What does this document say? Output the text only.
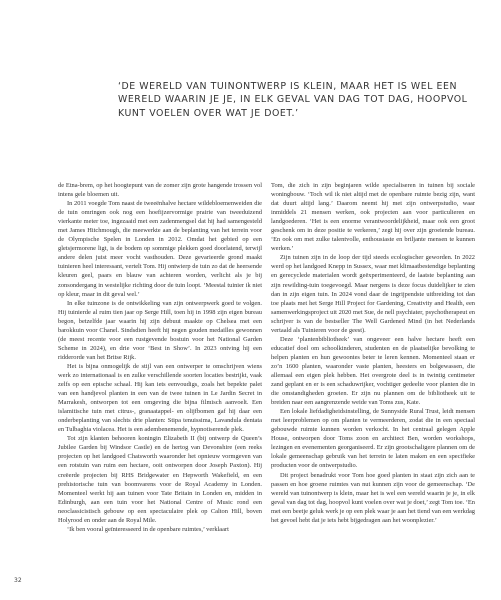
‘DE WERELD VAN TUINONTWERP IS KLEIN, MAAR HET IS WEL EEN WERELD WAARIN JE JE, IN ELK GEVAL VAN DAG TOT DAG, HOOPVOL KUNT VOELEN OVER WAT JE DOET.’

de Etna-brem, op het hoogtepunt van de zomer zijn grote hangende trossen vol intens gele bloemen uit.

In 2011 voegde Tom naast de tweeënhalve hectare wildebloemenweiden die de tuin omringen ook nog een hoefijzervormige prairie van tweeduizend vierkante meter toe, ingezaaid met een zadenmengsel dat hij had samengesteld met James Hitchmough, die meewerkte aan de beplanting van het terrein voor de Olympische Spelen in Londen in 2012. Omdat het gebied op een gletsjermorene ligt, is de bodem op sommige plekken goed doorlatend, terwijl andere delen juist meer vocht vasthouden. Deze gevarieerde grond maakt tuinieren heel interessant, vertelt Tom. Hij ontwierp de tuin zo dat de heersende kleuren geel, paars en blauw van achteren worden, verlicht als je bij zonsondergang in westelijke richting door de tuin loopt. ‘Meestal tuinier ik niet op kleur, maar in dit geval wel.’

In elke tuinzone is de ontwikkeling van zijn ontwerpwerk goed te volgen. Hij tuinierde al ruim tien jaar op Serge Hill, toen hij in 1998 zijn eigen bureau begon, betzelfde jaar waarin hij zijn debuut maakte op Chelsea met een barokkuin voor Chanel. Sindsdien heeft hij negen gouden medailles gewonnen (de meest recente voor een rustgevende bostuin voor het National Garden Scheme in 2024), en drie voor ‘Best in Show’. In 2023 ontving hij een ridderorde van het Britse Rijk.

Het is bijna onmogelijk de stijl van een ontwerper te omschrijven wiens werk zo internationaal is en zulke verschillende soorten locaties bestrijkt, vaak zelfs op een epische schaal. Hij kan iets eenvoudigs, zoals het bepekte palet van een handjevol planten in een van de twee tuinen in Le Jardin Secret in Marrakesh, ontworpen tot een omgeving die bijna filmisch aanvoelt. Een islamitische tuin met citrus-, granaatappel- en olijfbomen gaf hij daar een onderbeplanting van slechts drie planten: Stipa tenuissima, Lavandula dentata en Tulbaghia violacea. Het is een adembenemende, hypnotiserende plek.

Tot zijn klanten behooren koningin Elizabeth II (bij ontwerp de Queen’s Jubilee Garden bij Windsor Castle) en de hertog van Devonshire (een reeks projecten op het landgoed Chatsworth waaronder het opnieuw vormgeven van een rotstuin van ruim een hectare, ooit ontworpen door Joseph Paxton). Hij creëerde projecten bij RHS Bridgewater en Hepworth Wakefield, en een prehistorische tuin van boomvarens voor de Royal Academy in Londen. Momenteel werkt hij aan tuinen voor Tate Britain in Londen en, midden in Edinburgh, aan een tuin voor het National Centre of Music rond een neoclassicistisch gebouw op een spectaculaire plek op Calton Hill, boven Holyrood en onder aan de Royal Mile.

‘Ik ben vooral geïnteresseerd in de openbare ruimtes,’ verklaart

Tom, die zich in zijn beginjaren wilde specialiseren in tuinen bij sociale woningbouw. ‘Toch wil ik niet altijd met de openbare ruimte bezig zijn, want dat duurt altijd lang.’ Daarom neemt hij met zijn ontwerpstudio, waar inmiddels 21 mensen werken, ook projecten aan voor particulieren en landgoederen. ‘Het is een enorme verantwoordelijkheid, maar ook een groot geschenk om in deze positie te verkeren,’ zegt hij over zijn groeiende bureau. ‘En ook om met zulke talentvolle, enthousiaste en briljante mensen te kunnen werken.’

Zijn tuinen zijn in de loop der tijd steeds ecologischer geworden. In 2022 werd op het landgoed Knepp in Sussex, waar met klimaatbestendige beplanting en gerecyclede materialen wordt geëxperimenteerd, de laatste beplanting aan zijn rewilding-tuin toegevoegd. Maar nergens is deze focus duidelijker te zien dan in zijn eigen tuin. In 2024 vond daar de ingrijpendste uitbreiding tot dan toe plaats met het Serge Hill Project for Gardening, Creativity and Health, een samenwerkingsproject uit 2020 met Sue, de nell psychiater, psychotherapeut en schrijver is van de bestseller The Well Gardened Mind (in het Nederlands vertaald als Tuinieren voor de geest).

Deze ‘plantenbibliotheek’ van ongeveer een halve hectare heeft een educatief doel om schoolkinderen, studenten en de plaatselijke bevolking te helpen planten en hun gewoontes beter te leren kennen. Momenteel staan er zo’n 1600 planten, waaronder vaste planten, heesters en bolgewassen, die allemaal een eigen plek hebben. Het overgrote deel is in twintig centimeter zand geplant en er is een schaduwrijker, vochtiger gedeelte voor planten die in die omstandigheden groeien. Er zijn nu plannen om de bibliotheek uit te breiden naar een aangrenzende weide van Toms zus, Kate.

Een lokale liefdadigheidsinstelling, de Sunnyside Rural Trust, leidt mensen met leerproblemen op om planten te vermeerderen, zodat die in een speciaal gebouwde ruimte kunnen worden verkocht. In het centraal gelegen Apple House, ontworpen door Toms zoon en architect Ben, worden workshops, lezingen en evenementen georganiseerd. Er zijn grootschaligere plannen om de lokale gemeenschap gebruik van het terrein te laten maken en een specifieke producten voor de ontwerpstudio.

Dit project benadrukt voor Tom hoe goed planten in staat zijn zich aan te passen en hoe groene ruimtes van nut kunnen zijn voor de gemeenschap. ‘De wereld van tuinontwerp is klein, maar het is wel een wereld waarin je je, in elk geval van dag tot dag, hoopvol kunt voelen over wat je doet,’ zegt Tom toe. ‘En met een beetje geluk werk je op een plek waar je aan het tiend van een werkdag het gevoel hebt dat je iets hebt bijgedragen aan het woonplezier.’

32
